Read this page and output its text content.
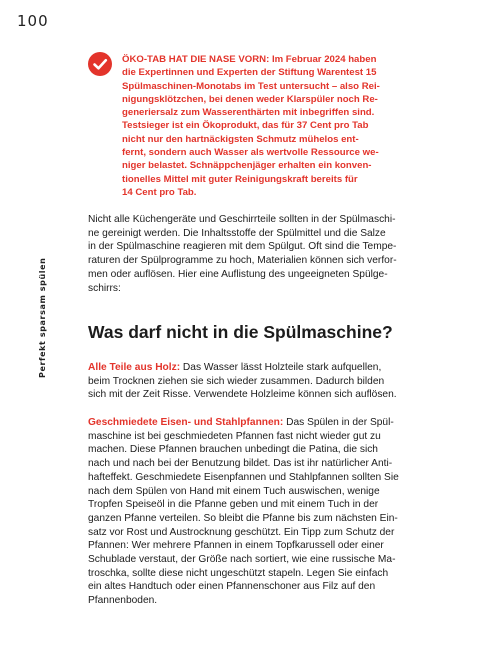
100
Perfekt sparsam spülen
ÖKO-TAB HAT DIE NASE VORN: Im Februar 2024 haben
die Expertinnen und Experten der Stiftung Warentest 15
Spülmaschinen-Monotabs im Test untersucht – also Rei-
nigungsklötzchen, bei denen weder Klarspüler noch Re-
generiersalz zum Wasserenthärten mit inbegriffen sind.
Testsieger ist ein Ökoprodukt, das für 37 Cent pro Tab
nicht nur den hartnäckigsten Schmutz mühelos ent-
fernt, sondern auch Wasser als wertvolle Ressource we-
niger belastet. Schnäppchenjäger erhalten ein konven-
tionelles Mittel mit guter Reinigungskraft bereits für
14 Cent pro Tab.
Nicht alle Küchengeräte und Geschirrteile sollten in der Spülmaschi-
ne gereinigt werden. Die Inhaltsstoffe der Spülmittel und die Salze
in der Spülmaschine reagieren mit dem Spülgut. Oft sind die Tempe-
raturen der Spülprogramme zu hoch, Materialien können sich verfor-
men oder auflösen. Hier eine Auflistung des ungeeigneten Spülge-
schirrs:
Was darf nicht in die Spülmaschine?
Alle Teile aus Holz: Das Wasser lässt Holzteile stark aufquellen,
beim Trocknen ziehen sie sich wieder zusammen. Dadurch bilden
sich mit der Zeit Risse. Verwendete Holzleime können sich auflösen.
Geschmiedete Eisen- und Stahlpfannen: Das Spülen in der Spül-
maschine ist bei geschmiedeten Pfannen fast nicht wieder gut zu
machen. Diese Pfannen brauchen unbedingt die Patina, die sich
nach und nach bei der Benutzung bildet. Das ist ihr natürlicher Anti-
hafteffekt. Geschmiedete Eisenpfannen und Stahlpfannen sollten Sie
nach dem Spülen von Hand mit einem Tuch auswischen, wenige
Tropfen Speiseöl in die Pfanne geben und mit einem Tuch in der
ganzen Pfanne verteilen. So bleibt die Pfanne bis zum nächsten Ein-
satz vor Rost und Austrocknung geschützt. Ein Tipp zum Schutz der
Pfannen: Wer mehrere Pfannen in einem Topfkarussell oder einer
Schublade verstaut, der Größe nach sortiert, wie eine russische Ma-
troschka, sollte diese nicht ungeschützt stapeln. Legen Sie einfach
ein altes Handtuch oder einen Pfannenschoner aus Filz auf den
Pfannenboden.
